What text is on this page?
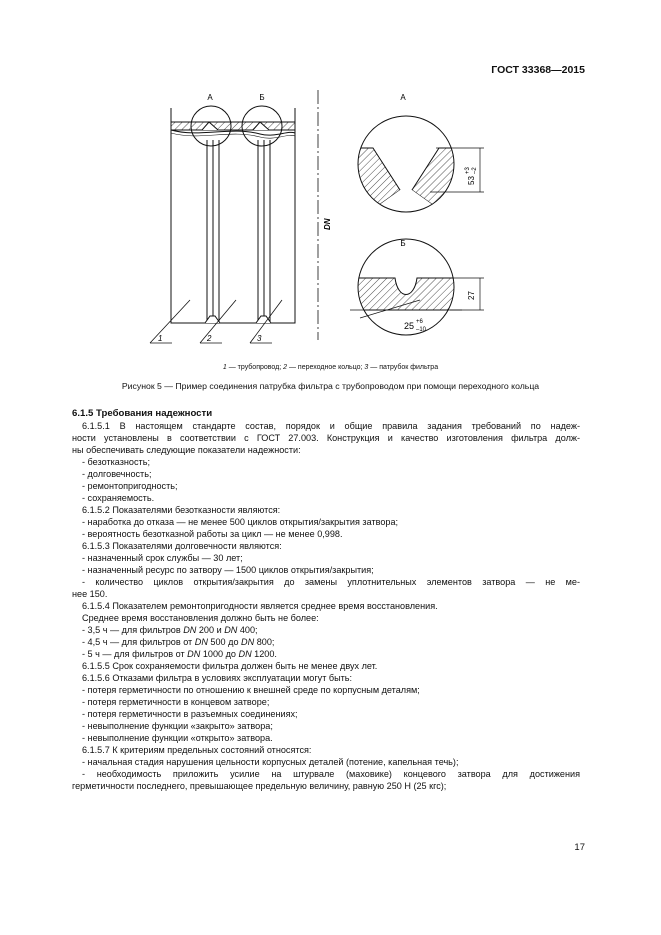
ГОСТ 33368—2015
A	Б
DN
1	2	3
A
53
+3 –2
Б
27
25 +6
–10
1 — трубопровод; 2 — переходное кольцо; 3 — патрубок фильтра
Рисунок 5 — Пример соединения патрубка фильтра с трубопроводом при помощи переходного кольца

6.1.5 Требования надежности

6.1.5.1 В настоящем стандарте состав, порядок и общие правила задания требований по надеж-

ности установлены в соответствии с ГОСТ 27.003. Конструкция и качество изготовления фильтра долж-

ны обеспечивать следующие показатели надежности:

- безотказность;

- долговечность;

- ремонтопригодность;

- сохраняемость.

6.1.5.2 Показателями безотказности являются:

- наработка до отказа — не менее 500 циклов открытия/закрытия затвора;

- вероятность безотказной работы за цикл — не менее 0,998.

6.1.5.3 Показателями долговечности являются:

- назначенный срок службы — 30 лет;

- назначенный ресурс по затвору — 1500 циклов открытия/закрытия;

- количество циклов открытия/закрытия до замены уплотнительных элементов затвора — не ме-

нее 150.

6.1.5.4 Показателем ремонтопригодности является среднее время восстановления.

Среднее время восстановления должно быть не более:

- 3,5 ч — для фильтров DN 200 и DN 400;

- 4,5 ч — для фильтров от DN 500 до DN 800;

- 5 ч — для фильтров от DN 1000 до DN 1200.

6.1.5.5 Срок сохраняемости фильтра должен быть не менее двух лет.

6.1.5.6 Отказами фильтра в условиях эксплуатации могут быть:

- потеря герметичности по отношению к внешней среде по корпусным деталям;

- потеря герметичности в концевом затворе;

- потеря герметичности в разъемных соединениях;

- невыполнение функции «закрыто» затвора;

- невыполнение функции «открыто» затвора.

6.1.5.7 К критериям предельных состояний относятся:

- начальная стадия нарушения цельности корпусных деталей (потение, капельная течь);

- необходимость приложить усилие на штурвале (маховике) концевого затвора для достижения

герметичности последнего, превышающее предельную величину, равную 250 Н (25 кгс);

17
